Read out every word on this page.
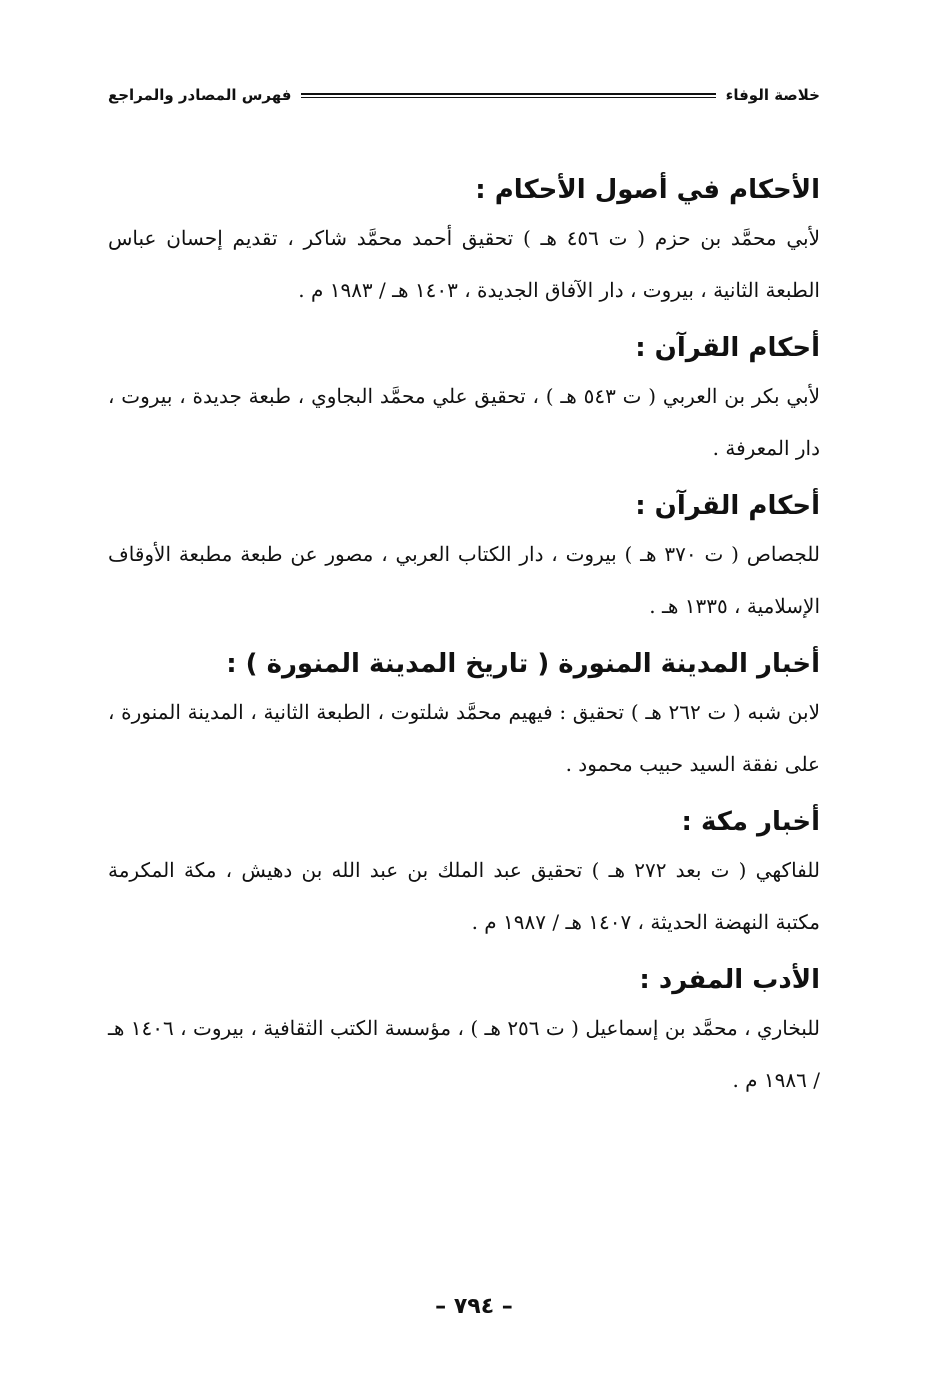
خلاصة الوفاء
فهرس المصادر والمراجع

الأحكام في أصول الأحكام :

لأبي محمَّد بن حزم ( ت ٤٥٦ هـ ) تحقيق أحمد محمَّد شاكر ، تقديم إحسان عباس الطبعة الثانية ، بيروت ، دار الآفاق الجديدة ، ١٤٠٣ هـ / ١٩٨٣ م .

أحكام القرآن :

لأبي بكر بن العربي ( ت ٥٤٣ هـ ) ، تحقيق علي محمَّد البجاوي ، طبعة جديدة ، بيروت ، دار المعرفة .

أحكام القرآن :

للجصاص ( ت ٣٧٠ هـ ) بيروت ، دار الكتاب العربي ، مصور عن طبعة مطبعة الأوقاف الإسلامية ، ١٣٣٥ هـ .

أخبار المدينة المنورة ( تاريخ المدينة المنورة ) :

لابن شبه ( ت ٢٦٢ هـ ) تحقيق : فيهيم محمَّد شلتوت ، الطبعة الثانية ، المدينة المنورة ، على نفقة السيد حبيب محمود .

أخبار مكة :

للفاكهي ( ت بعد ٢٧٢ هـ ) تحقيق عبد الملك بن عبد الله بن دهيش ، مكة المكرمة مكتبة النهضة الحديثة ، ١٤٠٧ هـ / ١٩٨٧ م .

الأدب المفرد :

للبخاري ، محمَّد بن إسماعيل ( ت ٢٥٦ هـ ) ، مؤسسة الكتب الثقافية ، بيروت ، ١٤٠٦ هـ / ١٩٨٦ م .

– ٧٩٤ –
